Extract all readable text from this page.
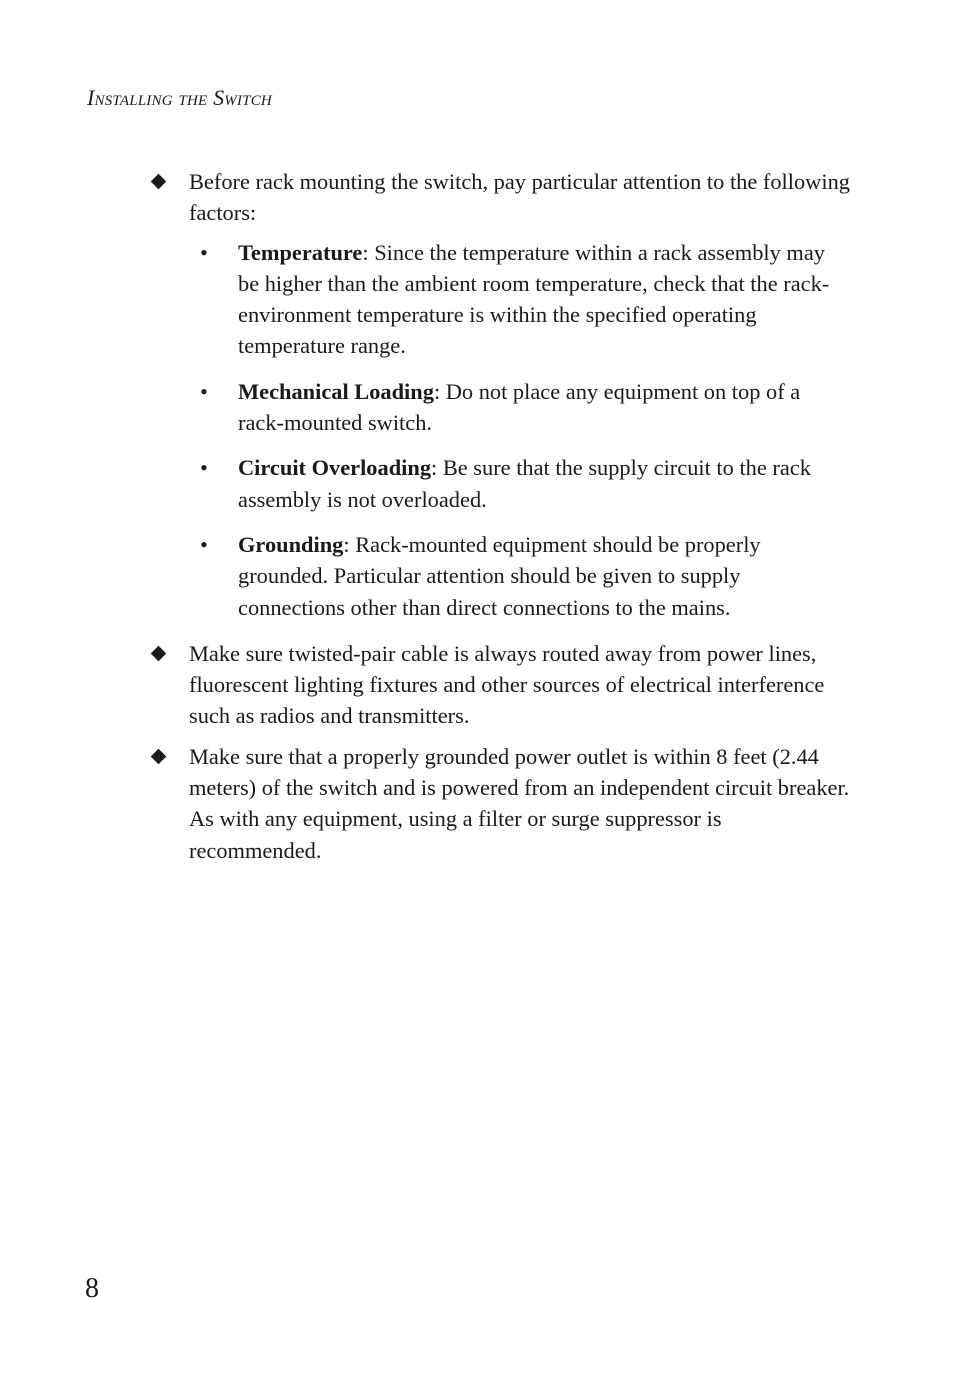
Installing the Switch
Before rack mounting the switch, pay particular attention to the following factors:
• Temperature: Since the temperature within a rack assembly may be higher than the ambient room temperature, check that the rack-environment temperature is within the specified operating temperature range.
• Mechanical Loading: Do not place any equipment on top of a rack-mounted switch.
• Circuit Overloading: Be sure that the supply circuit to the rack assembly is not overloaded.
• Grounding: Rack-mounted equipment should be properly grounded. Particular attention should be given to supply connections other than direct connections to the mains.
Make sure twisted-pair cable is always routed away from power lines, fluorescent lighting fixtures and other sources of electrical interference such as radios and transmitters.
Make sure that a properly grounded power outlet is within 8 feet (2.44 meters) of the switch and is powered from an independent circuit breaker. As with any equipment, using a filter or surge suppressor is recommended.
8
